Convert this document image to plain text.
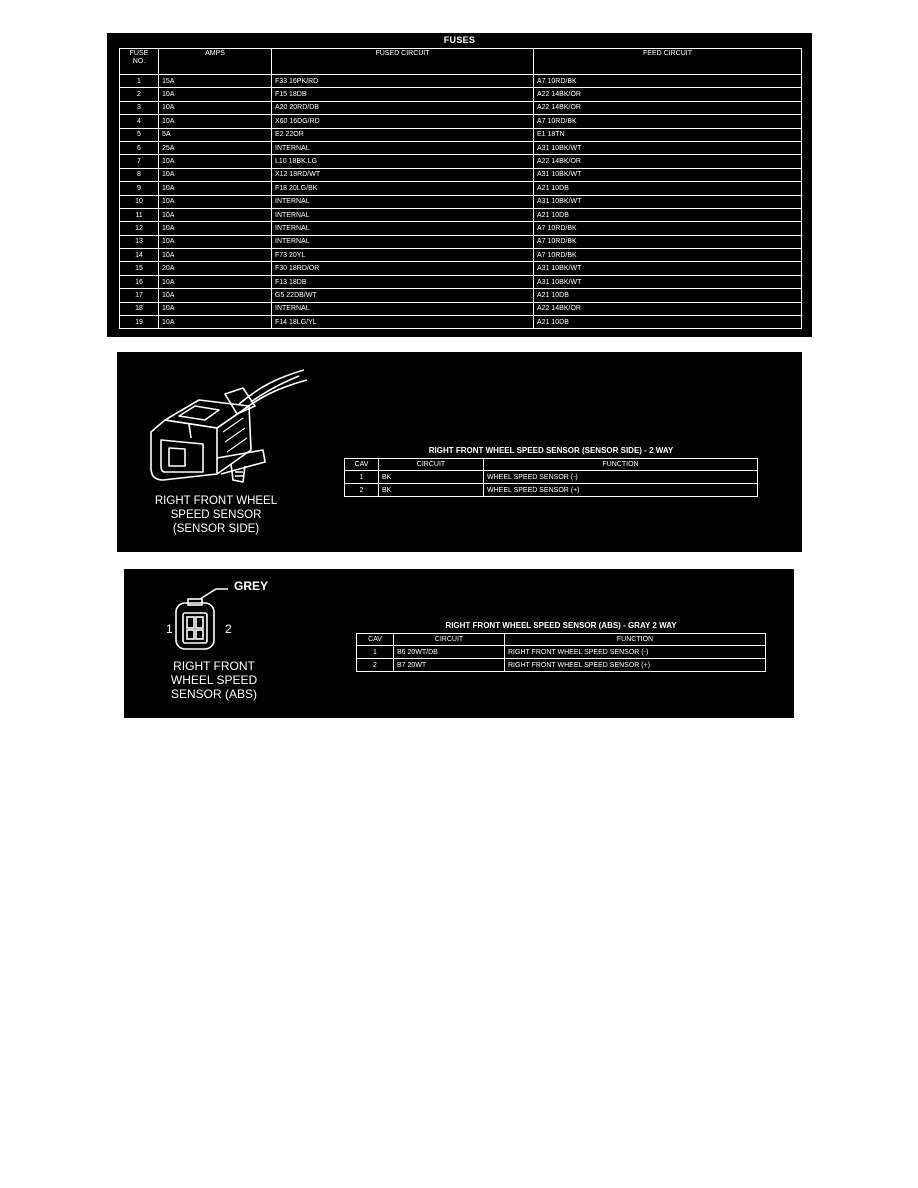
FUSES
FUSE
NO.	AMPS	FUSED CIRCUIT	FEED CIRCUIT
1	15A	F33 16PK/RD	A7 10RD/BK
2	10A	F15 18DB	A22 14BK/OR
3	10A	A20 20RD/DB	A22 14BK/OR
4	10A	X60 16DG/RD	A7 10RD/BK
5	5A	E2 22OR	E1 18TN
6	25A	INTERNAL	A31 10BK/WT
7	10A	L10 18BK.LG	A22 14BK/OR
8	10A	X12 18RD/WT	A31 10BK/WT
9	10A	F18 20LG/BK	A21 10DB
10	10A	INTERNAL	A31 10BK/WT
11	10A	INTERNAL	A21 10DB
12	10A	INTERNAL	A7 10RD/BK
13	10A	INTERNAL	A7 10RD/BK
14	10A	F73 20YL	A7 10RD/BK
15	20A	F30 18RD/OR	A31 10BK/WT
16	10A	F13 18DB	A31 10BK/WT
17	10A	G5 22DB/WT	A21 10DB
18	10A	INTERNAL	A22 14BK/OR
19	10A	F14 18LG/YL	A21 10DB
RIGHT FRONT WHEEL
SPEED SENSOR
(SENSOR SIDE)
RIGHT FRONT WHEEL SPEED SENSOR (SENSOR SIDE) - 2 WAY
CAV	CIRCUIT	FUNCTION
1	BK	WHEEL SPEED SENSOR (-)
2	BK	WHEEL SPEED SENSOR (+)
GREY
1	2
RIGHT FRONT
WHEEL SPEED
SENSOR (ABS)
RIGHT FRONT WHEEL SPEED SENSOR (ABS) - GRAY 2 WAY
CAV	CIRCUIT	FUNCTION
1	B6 20WT/DB	RIGHT FRONT WHEEL SPEED SENSOR (-)
2	B7 20WT	RIGHT FRONT WHEEL SPEED SENSOR (+)
